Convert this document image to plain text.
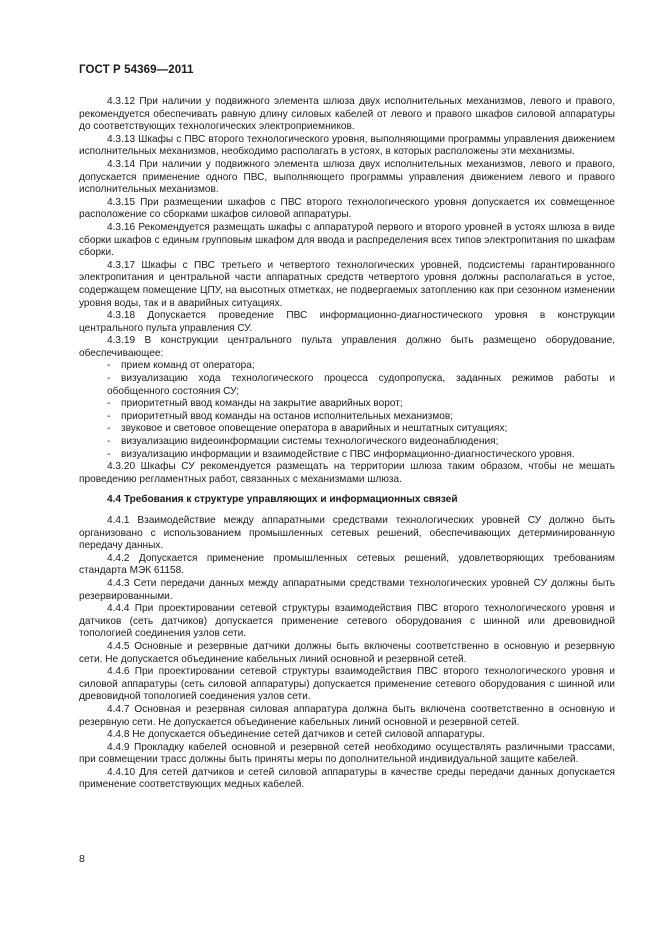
ГОСТ Р 54369—2011

4.3.12 При наличии у подвижного элемента шлюза двух исполнительных механизмов, левого и правого, рекомендуется обеспечивать равную длину силовых кабелей от левого и правого шкафов силовой аппаратуры до соответствующих технологических электроприемников.

4.3.13 Шкафы с ПВС второго технологического уровня, выполняющими программы управления движением исполнительных механизмов, необходимо располагать в устоях, в которых расположены эти механизмы.

4.3.14 При наличии у подвижного элемента шлюза двух исполнительных механизмов, левого и правого, допускается применение одного ПВС, выполняющего программы управления движением левого и правого исполнительных механизмов.

4.3.15 При размещении шкафов с ПВС второго технологического уровня допускается их совмещенное расположение со сборками шкафов силовой аппаратуры.

4.3.16 Рекомендуется размещать шкафы с аппаратурой первого и второго уровней в устоях шлюза в виде сборки шкафов с единым групповым шкафом для ввода и распределения всех типов электропитания по шкафам сборки.

4.3.17 Шкафы с ПВС третьего и четвертого технологических уровней, подсистемы гарантированного электропитания и центральной части аппаратных средств четвертого уровня должны располагаться в устое, содержащем помещение ЦПУ, на высотных отметках, не подвергаемых затоплению как при сезонном изменении уровня воды, так и в аварийных ситуациях.

4.3.18 Допускается проведение ПВС информационно-диагностического уровня в конструкции центрального пульта управления СУ.

4.3.19 В конструкции центрального пульта управления должно быть размещено оборудование, обеспечивающее:

- прием команд от оператора;

- визуализацию хода технологического процесса судопропуска, заданных режимов работы и обобщенного состояния СУ;

- приоритетный ввод команды на закрытие аварийных ворот;

- приоритетный ввод команды на останов исполнительных механизмов;

- звуковое и световое оповещение оператора в аварийных и нештатных ситуациях;

- визуализацию видеоинформации системы технологического видеонаблюдения;

- визуализацию информации и взаимодействие с ПВС информационно-диагностического уровня.

4.3.20 Шкафы СУ рекомендуется размещать на территории шлюза таким образом, чтобы не мешать проведению регламентных работ, связанных с механизмами шлюза.

4.4 Требования к структуре управляющих и информационных связей

4.4.1 Взаимодействие между аппаратными средствами технологических уровней СУ должно быть организовано с использованием промышленных сетевых решений, обеспечивающих детерминированную передачу данных.

4.4.2 Допускается применение промышленных сетевых решений, удовлетворяющих требованиям стандарта МЭК 61158.

4.4.3 Сети передачи данных между аппаратными средствами технологических уровней СУ должны быть резервированными.

4.4.4 При проектировании сетевой структуры взаимодействия ПВС второго технологического уровня и датчиков (сеть датчиков) допускается применение сетевого оборудования с шинной или древовидной топологией соединения узлов сети.

4.4.5 Основные и резервные датчики должны быть включены соответственно в основную и резервную сети. Не допускается объединение кабельных линий основной и резервной сетей.

4.4.6 При проектировании сетевой структуры взаимодействия ПВС второго технологического уровня и силовой аппаратуры (сеть силовой аппаратуры) допускается применение сетевого оборудования с шинной или древовидной топологией соединения узлов сети.

4.4.7 Основная и резервная силовая аппаратура должна быть включена соответственно в основную и резервную сети. Не допускается объединение кабельных линий основной и резервной сетей.

4.4.8 Не допускается объединение сетей датчиков и сетей силовой аппаратуры.

4.4.9 Прокладку кабелей основной и резервной сетей необходимо осуществлять различными трассами, при совмещении трасс должны быть приняты меры по дополнительной индивидуальной защите кабелей.

4.4.10 Для сетей датчиков и сетей силовой аппаратуры в качестве среды передачи данных допускается применение соответствующих медных кабелей.

8
